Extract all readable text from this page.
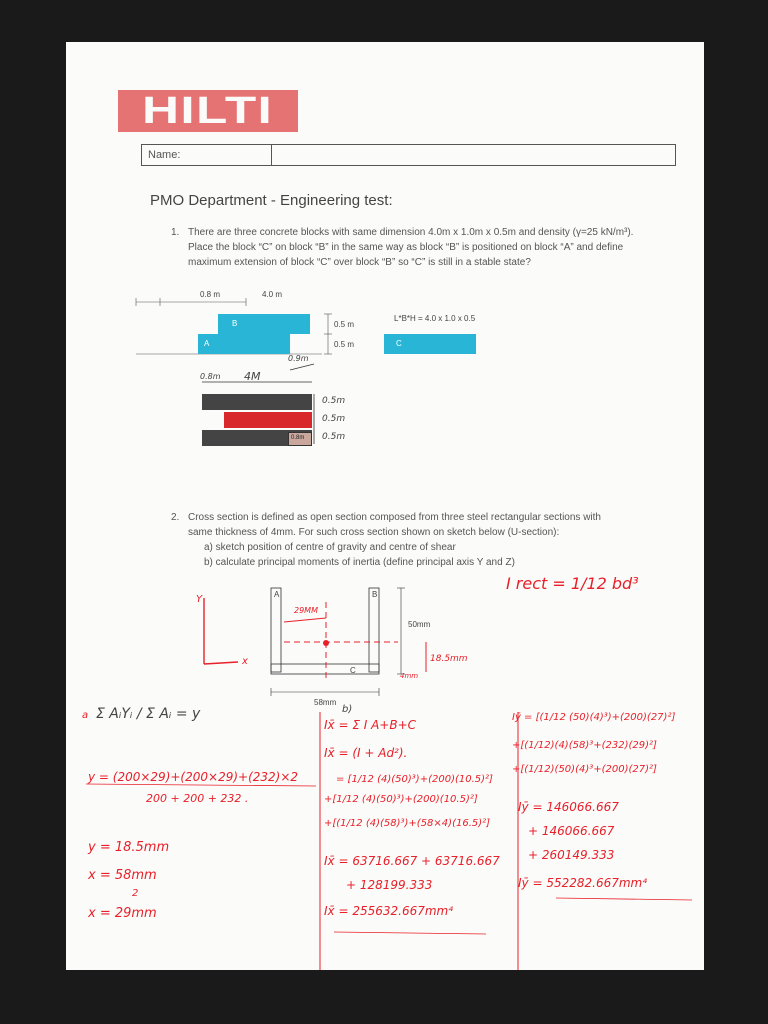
HILTI
Name:
PMO Department - Engineering test:
1. There are three concrete blocks with same dimension 4.0m x 1.0m x 0.5m and density (γ=25 kN/m³).
Place the block “C” on block “B” in the same way as block “B” is positioned on block “A” and define
maximum extension of block “C” over block “B” so “C” is still in a stable state?
0.8 m	4.0 m
B
A
0.5 m
0.5 m
L*B*H = 4.0 x 1.0 x 0.5
C
0.9m
0.8m 4M
0.8m
0.5m
0.5m
0.5m
2. Cross section is defined as open section composed from three steel rectangular sections with
same thickness of 4mm. For such cross section shown on sketch below (U-section):
a) sketch position of centre of gravity and centre of shear
b) calculate principal moments of inertia (define principal axis Y and Z)
A	B
C
50mm
58mm
Y
x
29MM
18.5mm
4mm
b)
I rect = 1/12 bd³
a Σ AᵢYᵢ / Σ Aᵢ = y
y = (200×29)+(200×29)+(232)×2
200 + 200 + 232 .
y = 18.5mm
x = 58mm
2
x = 29mm
Ix̄ = Σ I A+B+C
Ix̄ = (I + Ad²).
= [1/12 (4)(50)³)+(200)(10.5)²]
+[1/12 (4)(50)³)+(200)(10.5)²]
+[(1/12 (4)(58)³)+(58×4)(16.5)²]
Ix̄ = 63716.667 + 63716.667
+ 128199.333
Ix̄ = 255632.667mm⁴
Iȳ = [(1/12 (50)(4)³)+(200)(27)²]
+[(1/12)(4)(58)³+(232)(29)²]
+[(1/12)(50)(4)³+(200)(27)²]
Iȳ = 146066.667
+ 146066.667
+ 260149.333
Iȳ = 552282.667mm⁴
